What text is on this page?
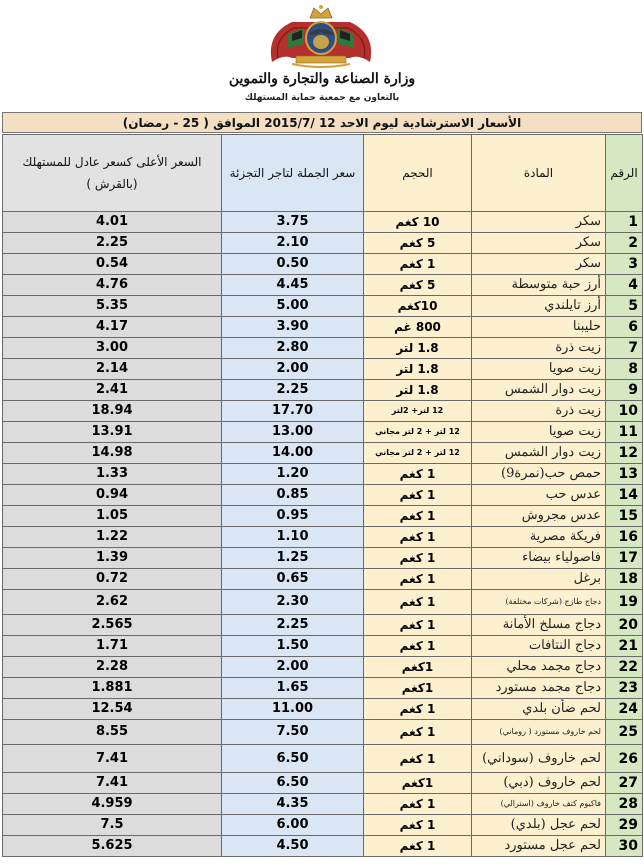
وزارة الصناعة والتجارة والتموين
بالتعاون مع جمعية حماية المستهلك
الأسعار الاسترشادية ليوم الاحد 12 /2015/7 الموافق ( 25 - رمضان)
الرقم	المادة	الحجم	سعر الجملة لتاجر التجزئة	السعر الأعلى كسعر عادل للمستهلك (بالقرش )
1	سكر	10 كغم	3.75	4.01
2	سكر	5 كغم	2.10	2.25
3	سكر	1 كغم	0.50	0.54
4	أرز حبة متوسطة	5 كغم	4.45	4.76
5	أرز تايلندي	10كغم	5.00	5.35
6	حليبنا	800 غم	3.90	4.17
7	زيت ذرة	1.8 لتر	2.80	3.00
8	زيت صويا	1.8 لتر	2.00	2.14
9	زيت دوار الشمس	1.8 لتر	2.25	2.41
10	زيت ذرة	12 لتر+ 2لتر	17.70	18.94
11	زيت صويا	12 لتر + 2 لتر مجاني	13.00	13.91
12	زيت دوار الشمس	12 لتر + 2 لتر مجاني	14.00	14.98
13	حمص حب(نمرة9)	1 كغم	1.20	1.33
14	عدس حب	1 كغم	0.85	0.94
15	عدس مجروش	1 كغم	0.95	1.05
16	فريكة مصرية	1 كغم	1.10	1.22
17	فاصولياء بيضاء	1 كغم	1.25	1.39
18	برغل	1 كغم	0.65	0.72
19	دجاج طازج (شركات مختلفة)	1 كغم	2.30	2.62
20	دجاج مسلخ الأمانة	1 كغم	2.25	2.565
21	دجاج النتافات	1 كغم	1.50	1.71
22	دجاج مجمد محلي	1كغم	2.00	2.28
23	دجاج مجمد مستورد	1كغم	1.65	1.881
24	لحم ضأن بلدي	1 كغم	11.00	12.54
25	لحم خاروف مستورد ( روماني)	1 كغم	7.50	8.55
26	لحم خاروف (سوداني)	1 كغم	6.50	7.41
27	لحم خاروف (دبي)	1كغم	6.50	7.41
28	فاكيوم كتف خاروف (استرالي)	1 كغم	4.35	4.959
29	لحم عجل (بلدي)	1 كغم	6.00	7.5
30	لحم عجل مستورد	1 كغم	4.50	5.625
